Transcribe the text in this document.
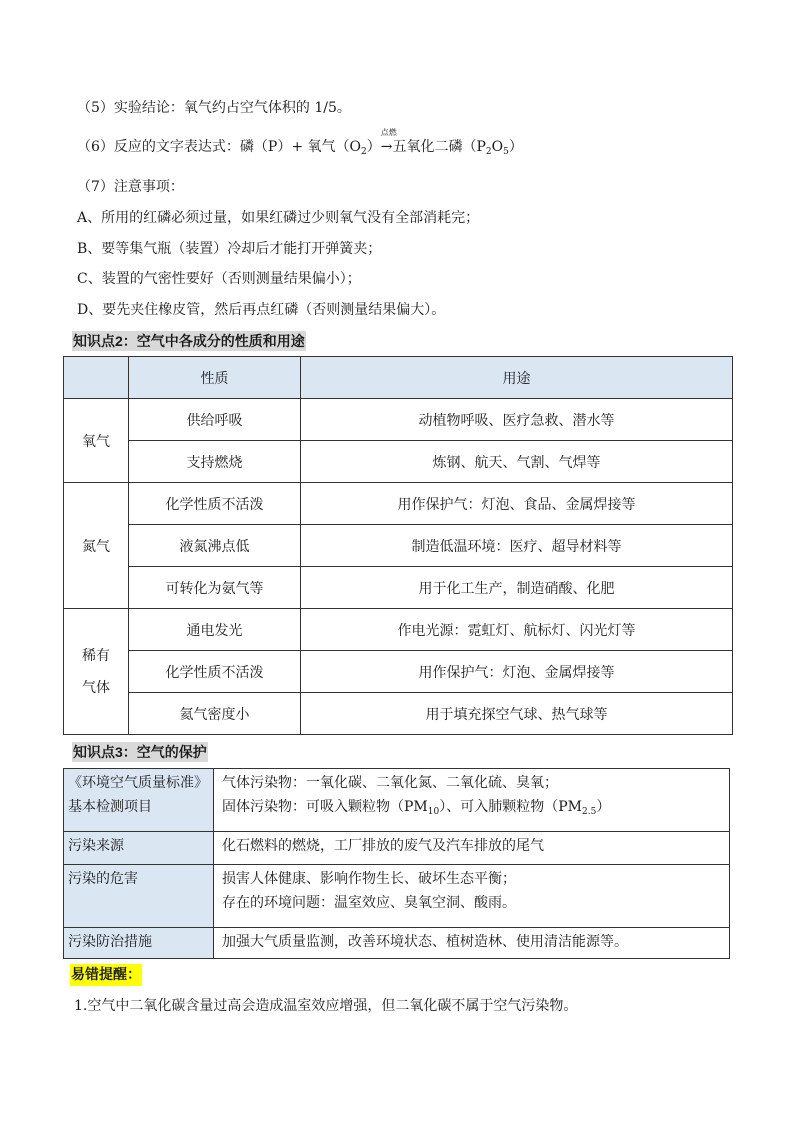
（5）实验结论：氧气约占空气体积的 1/5。
（6）反应的文字表达式：磷（P）+ 氧气$(O_2)$
点燃
→五氧化二磷$(P_2O_5)$
（7）注意事项：
A、所用的红磷必须过量，如果红磷过少则氧气没有全部消耗完；
B、要等集气瓶（装置）冷却后才能打开弹簧夹；
C、装置的气密性要好（否则测量结果偏小）；
D、要先夹住橡皮管，然后再点红磷（否则测量结果偏大）。
知识点2：空气中各成分的性质和用途
	性质	用途
氧气	供给呼吸	动植物呼吸、医疗急救、潜水等
	支持燃烧	炼钢、航天、气割、气焊等
氮气	化学性质不活泼	用作保护气：灯泡、食品、金属焊接等
	液氮沸点低	制造低温环境：医疗、超导材料等
	可转化为氨气等	用于化工生产，制造硝酸、化肥

稀有
气体	通电发光	作电光源：霓虹灯、航标灯、闪光灯等
	化学性质不活泼	用作保护气：灯泡、金属焊接等
	氦气密度小	用于填充探空气球、热气球等
知识点3：空气的保护
《环境空气质量标准》基本检测项目	气体污染物：一氧化碳、二氧化氮、二氧化硫、臭氧；
固体污染物：可吸入颗粒物$(PM_{10})$、可入肺颗粒物$(PM_{2.5})$

污染来源	化石燃料的燃烧，工厂排放的废气及汽车排放的尾气
污染的危害	损害人体健康、影响作物生长、破坏生态平衡；
存在的环境问题：温室效应、臭氧空洞、酸雨。

污染防治措施	加强大气质量监测，改善环境状态、植树造林、使用清洁能源等。
易错提醒：
1.空气中二氧化碳含量过高会造成温室效应增强，但二氧化碳不属于空气污染物。
